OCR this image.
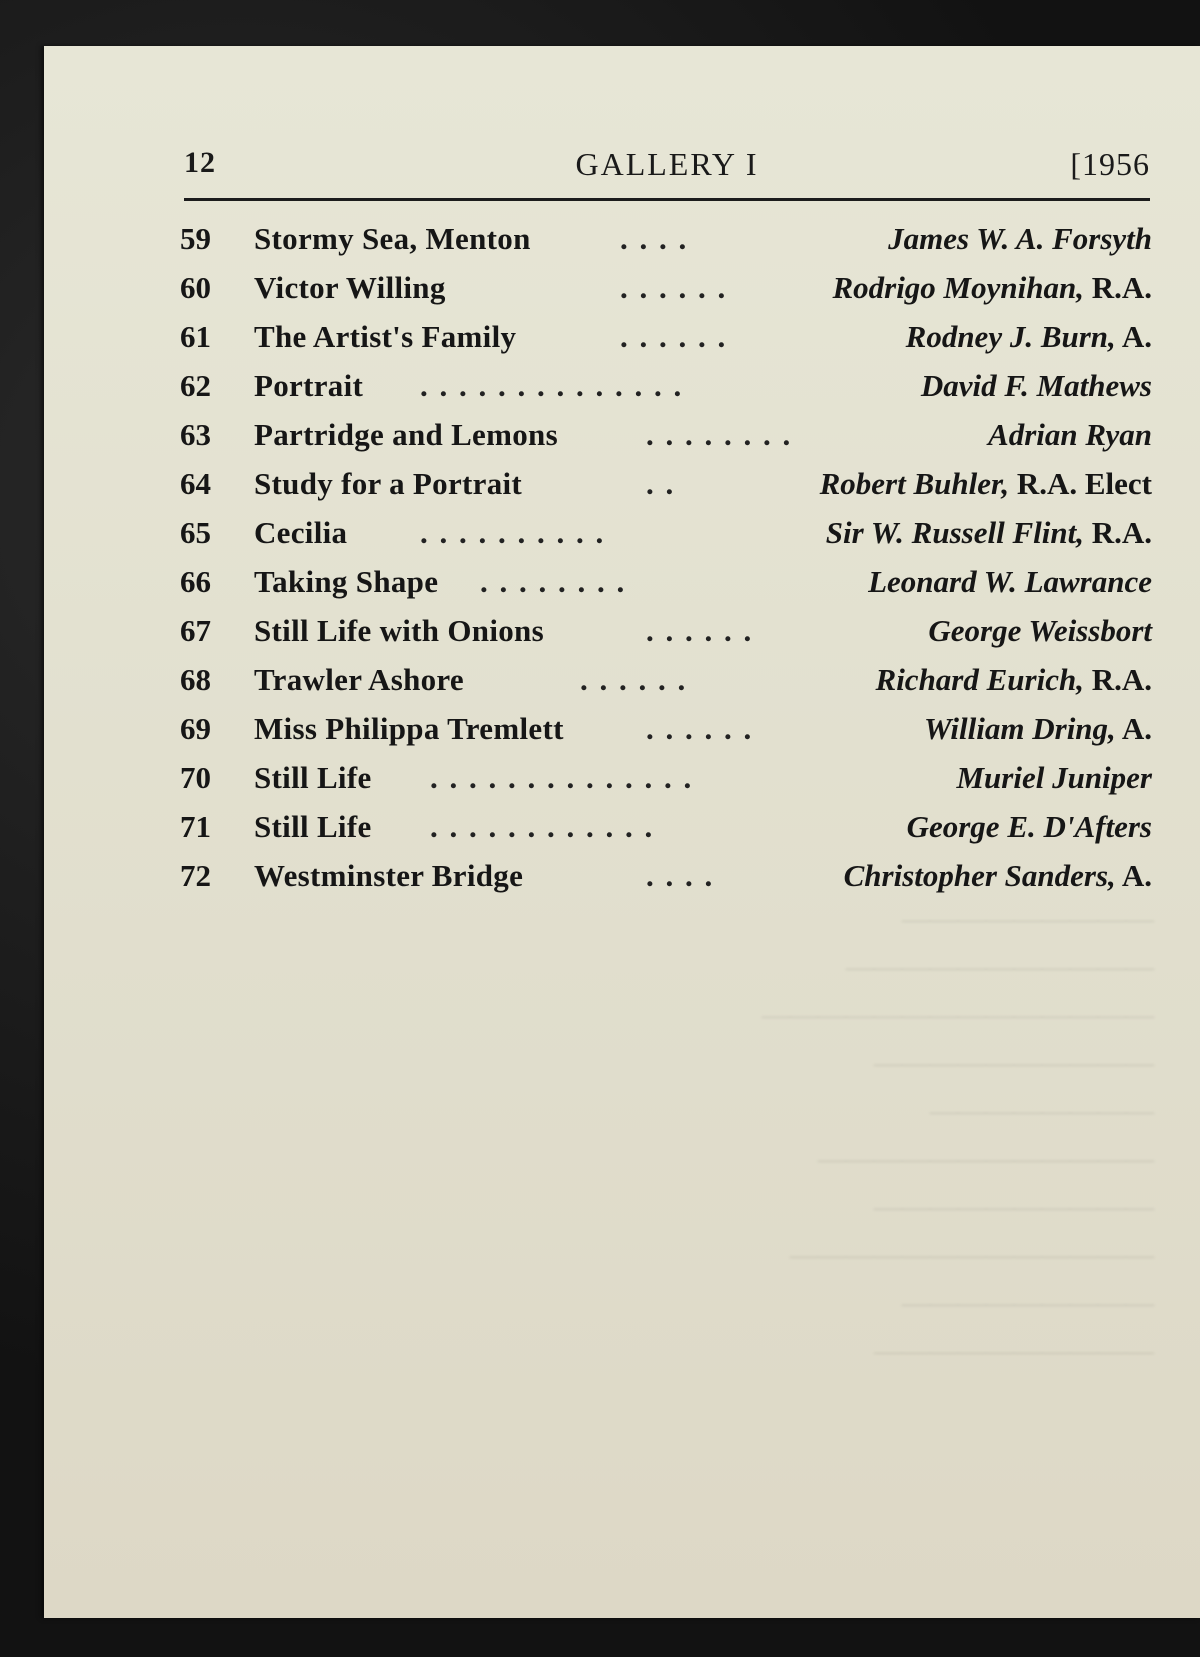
12	GALLERY I	[1956
59	Stormy Sea, Menton	. . . .	James W. A. Forsyth
60	Victor Willing	. . . . . .	Rodrigo Moynihan, R.A.
61	The Artist's Family	. . . . . .	Rodney J. Burn, A.
62	Portrait . . . . . . . . . . . . . .	David F. Mathews
63	Partridge and Lemons	. . . . . . . .	Adrian Ryan
64	Study for a Portrait	. .	Robert Buhler, R.A. Elect
65	Cecilia . . . . . . . . . .	Sir W. Russell Flint, R.A.
66	Taking Shape . . . . . . . .	Leonard W. Lawrance
67	Still Life with Onions	. . . . . .	George Weissbort
68	Trawler Ashore	. . . . . .	Richard Eurich, R.A.
69	Miss Philippa Tremlett	. . . . . .	William Dring, A.
70	Still Life . . . . . . . . . . . . . .	Muriel Juniper
71	Still Life . . . . . . . . . . . .	George E. D'Afters
72	Westminster Bridge	. . . .	Christopher Sanders, A.
—————————
———————————
——————————————
——————————
————————
————————————
——————————
—————————————
—————————
——————————
